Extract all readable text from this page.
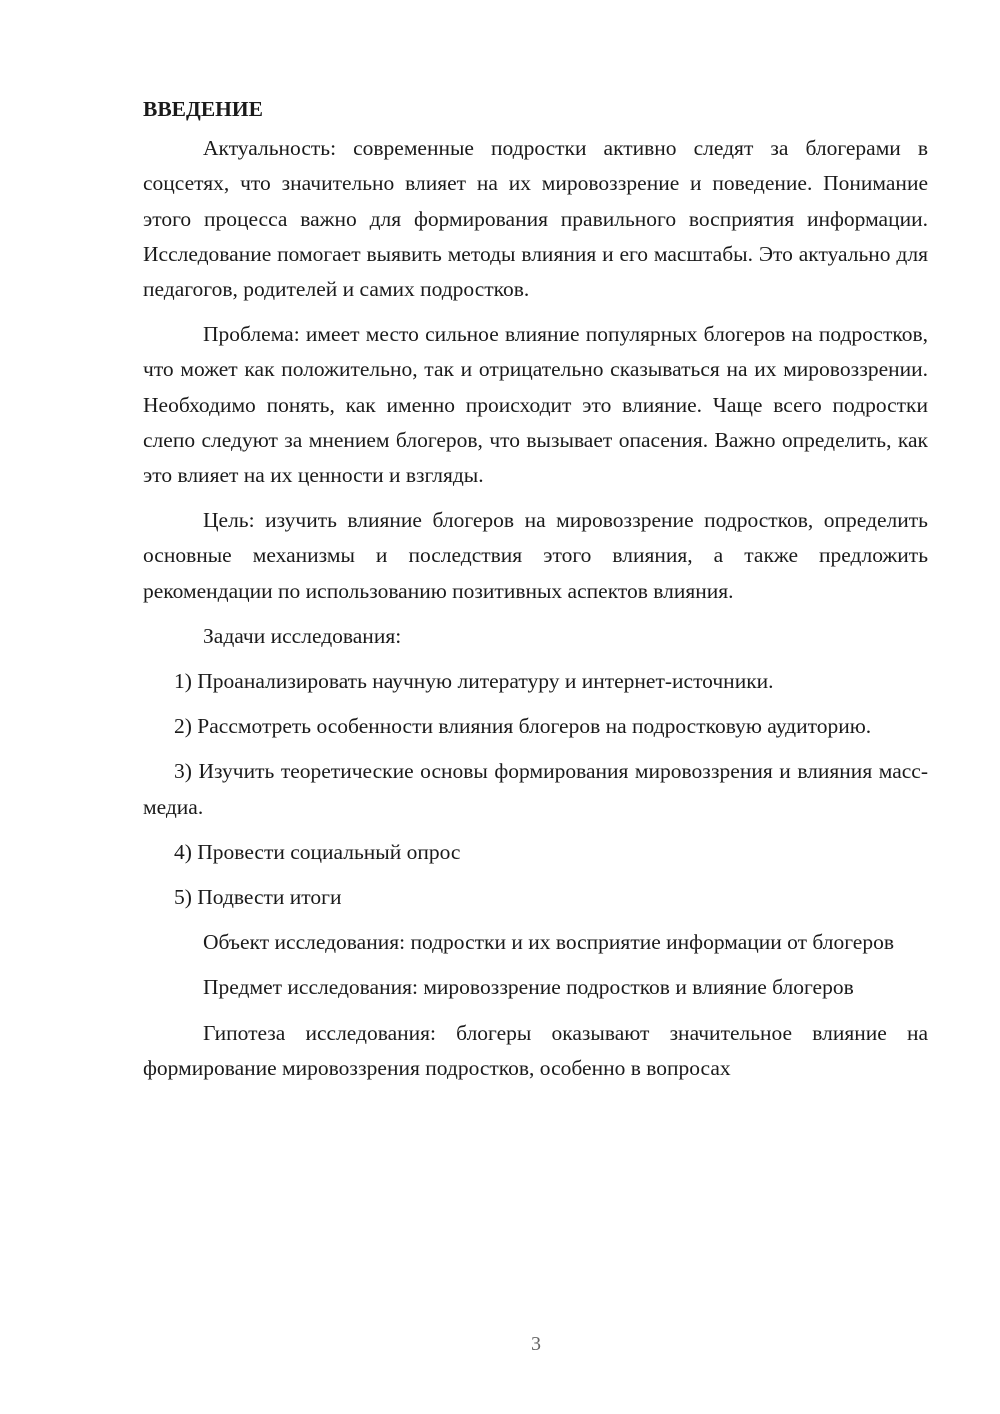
ВВЕДЕНИЕ

Актуальность: современные подростки активно следят за блогерами в соцсетях, что значительно влияет на их мировоззрение и поведение. Понимание этого процесса важно для формирования правильного восприятия информации. Исследование помогает выявить методы влияния и его масштабы. Это актуально для педагогов, родителей и самих подростков.

Проблема: имеет место сильное влияние популярных блогеров на подростков, что может как положительно, так и отрицательно сказываться на их мировоззрении. Необходимо понять, как именно происходит это влияние. Чаще всего подростки слепо следуют за мнением блогеров, что вызывает опасения. Важно определить, как это влияет на их ценности и взгляды.

Цель: изучить влияние блогеров на мировоззрение подростков, определить основные механизмы и последствия этого влияния, а также предложить рекомендации по использованию позитивных аспектов влияния.

Задачи исследования:

1) Проанализировать научную литературу и интернет-источники.

2) Рассмотреть особенности влияния блогеров на подростковую аудиторию.

3) Изучить теоретические основы формирования мировоззрения и влияния масс-медиа.

4) Провести социальный опрос

5) Подвести итоги

Объект исследования: подростки и их восприятие информации от блогеров

Предмет исследования: мировоззрение подростков и влияние блогеров

Гипотеза исследования: блогеры оказывают значительное влияние на формирование мировоззрения подростков, особенно в вопросах

3
